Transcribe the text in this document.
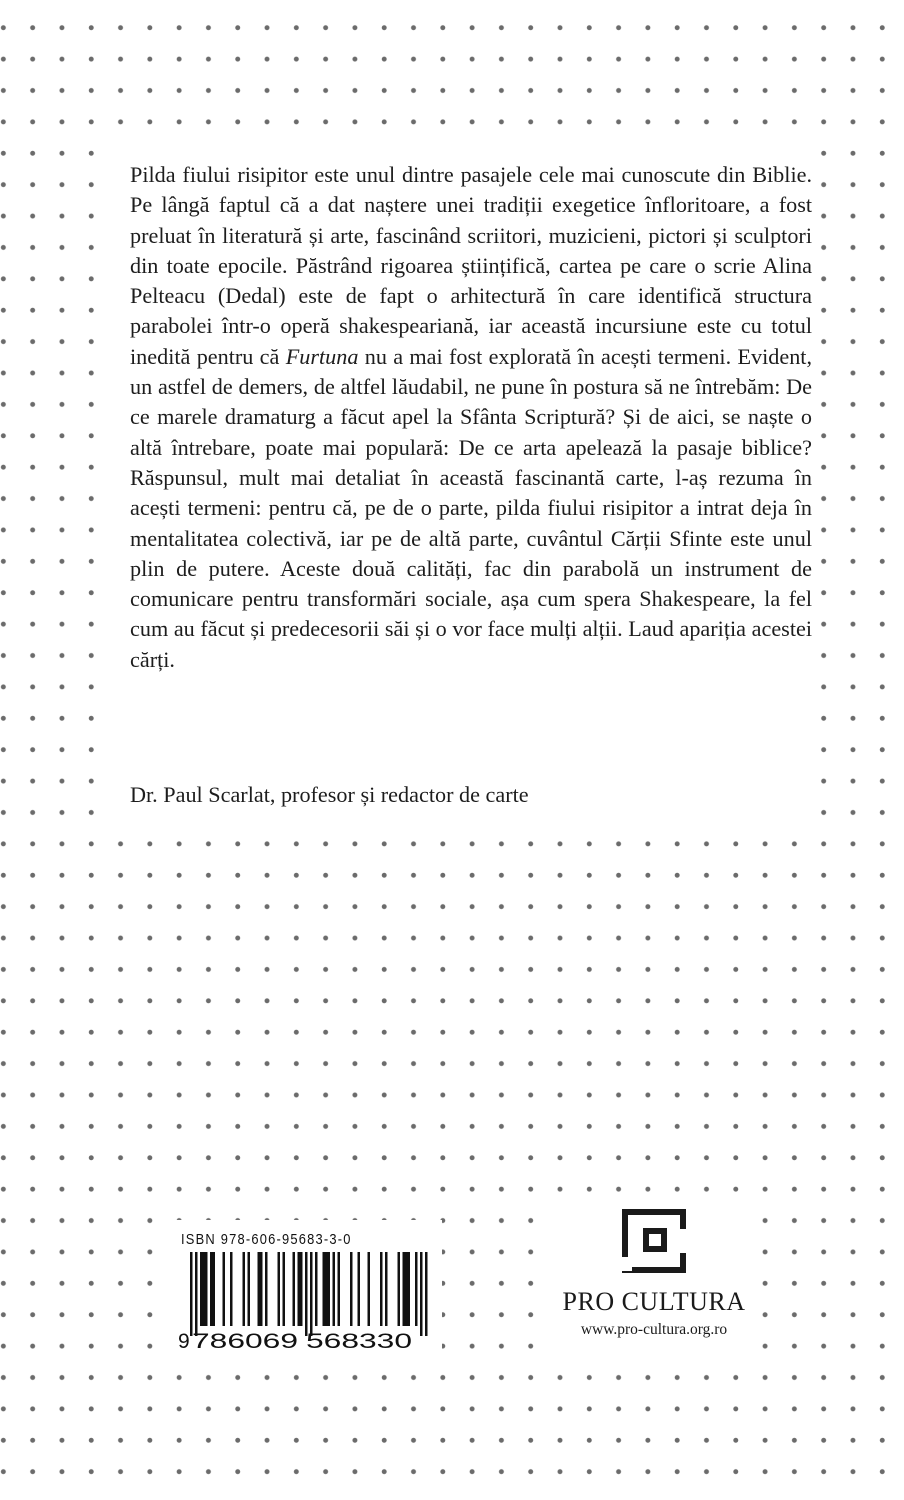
Pilda fiului risipitor este unul dintre pasajele cele mai cunoscute din Biblie. Pe lângă faptul că a dat naștere unei tradiții exegetice înfloritoare, a fost preluat în literatură și arte, fascinând scriitori, muzicieni, pictori și sculptori din toate epocile. Păstrând rigoarea științifică, cartea pe care o scrie Alina Pelteacu (Dedal) este de fapt o arhitectură în care identifică structura parabolei într-o operă shakespeariană, iar această incursiune este cu totul inedită pentru că Furtuna nu a mai fost explorată în acești termeni. Evident, un astfel de demers, de altfel lăudabil, ne pune în postura să ne întrebăm: De ce marele dramaturg a făcut apel la Sfânta Scriptură? Și de aici, se naște o altă întrebare, poate mai populară: De ce arta apelează la pasaje biblice? Răspunsul, mult mai detaliat în această fascinantă carte, l-aș rezuma în acești termeni: pentru că, pe de o parte, pilda fiului risipitor a intrat deja în mentalitatea colectivă, iar pe de altă parte, cuvântul Cărții Sfinte este unul plin de putere. Aceste două calități, fac din parabolă un instrument de comunicare pentru transformări sociale, așa cum spera Shakespeare, la fel cum au făcut și predecesorii săi și o vor face mulți alții. Laud apariția acestei cărți.

Dr. Paul Scarlat, profesor și redactor de carte

ISBN 978-606-95683-3-0
9 786069 568330
PRO CULTURA
www.pro-cultura.org.ro
